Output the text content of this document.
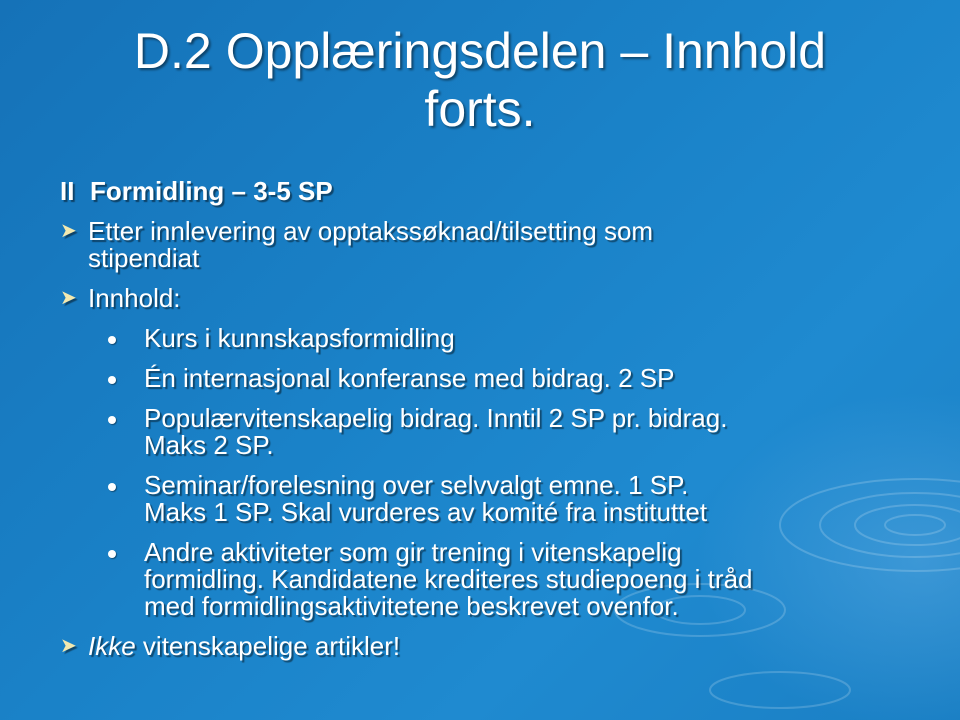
D.2 Opplæringsdelen – Innhold
forts.
II Formidling – 3-5 SP
➤ Etter innlevering av opptakssøknad/tilsetting som
stipendiat
➤ Innhold:
Kurs i kunnskapsformidling
Én internasjonal konferanse med bidrag. 2 SP
Populærvitenskapelig bidrag. Inntil 2 SP pr. bidrag.
Maks 2 SP.
Seminar/forelesning over selvvalgt emne. 1 SP.
Maks 1 SP. Skal vurderes av komité fra instituttet
Andre aktiviteter som gir trening i vitenskapelig
formidling. Kandidatene krediteres studiepoeng i tråd
med formidlingsaktivitetene beskrevet ovenfor.
➤ Ikke vitenskapelige artikler!
